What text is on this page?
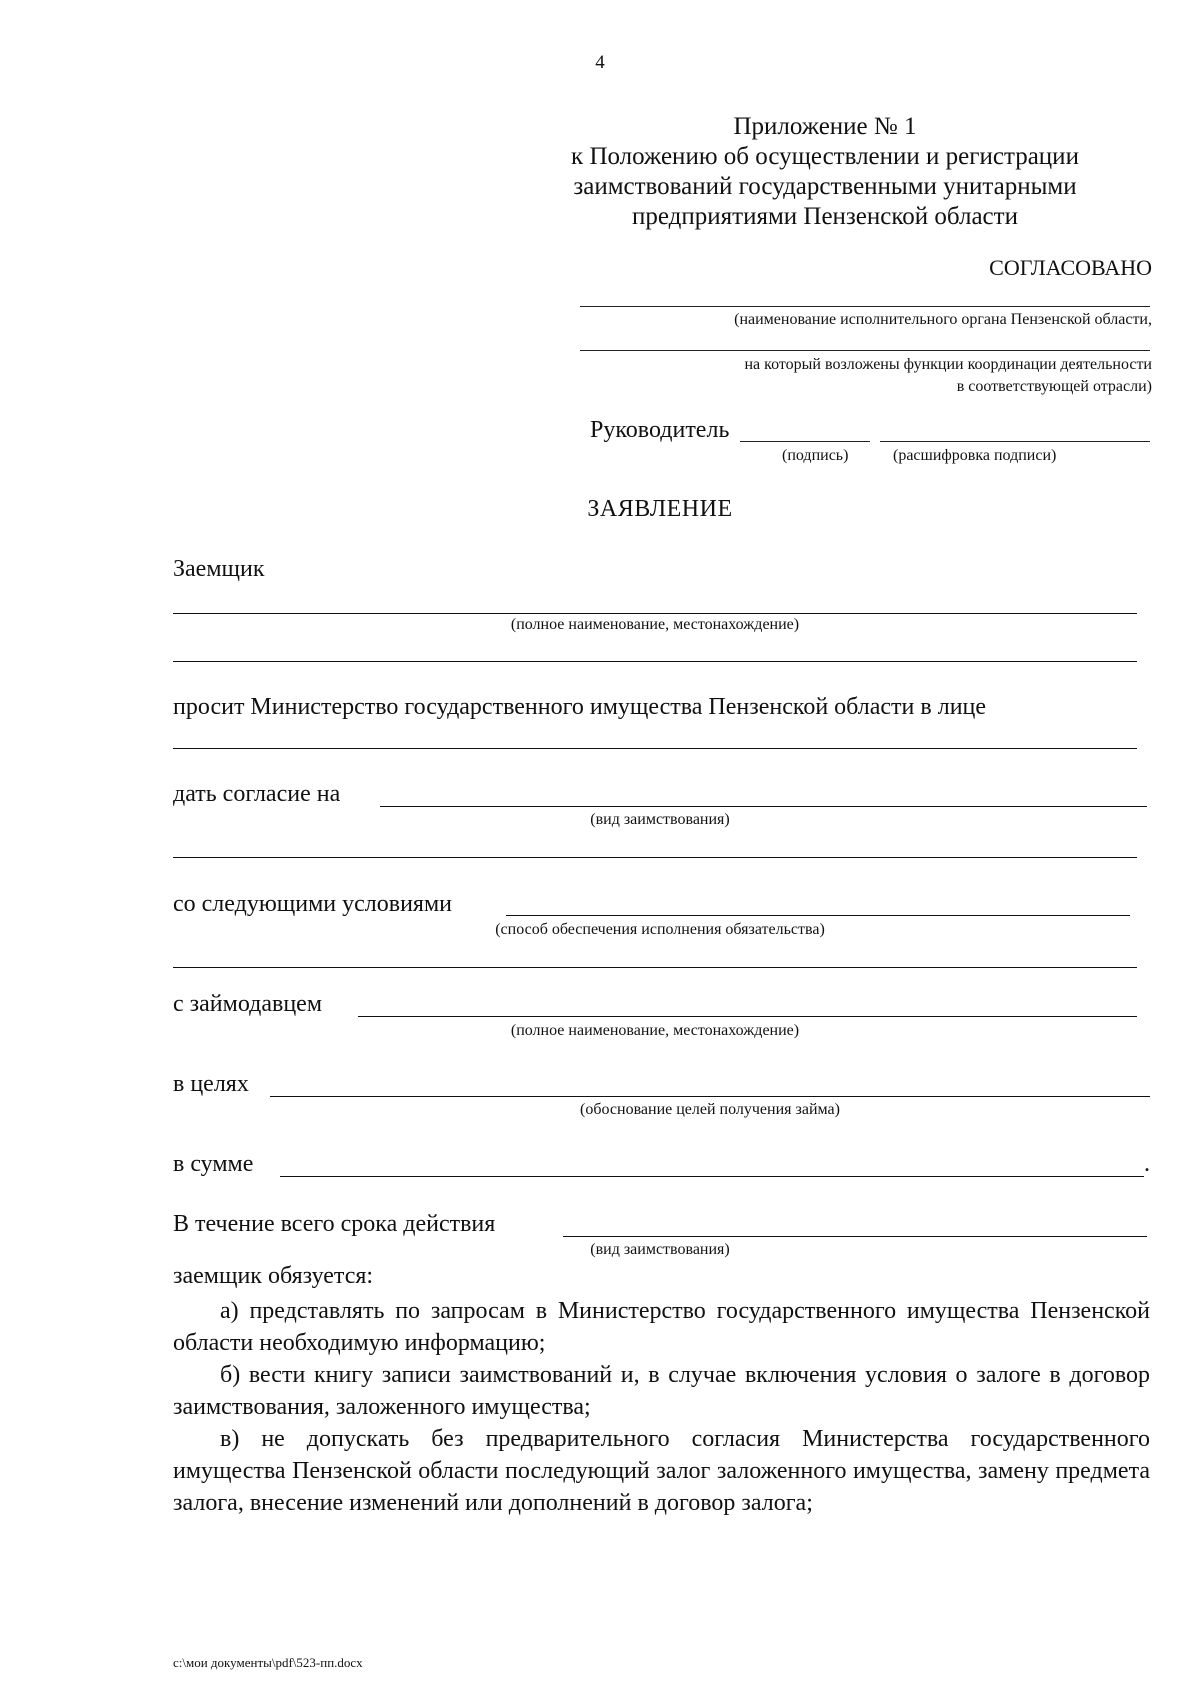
4
Приложение № 1
к Положению об осуществлении и регистрации
заимствований государственными унитарными
предприятиями Пензенской области
СОГЛАСОВАНО
(наименование исполнительного органа Пензенской области,
на который возложены функции координации деятельности
в соответствующей отрасли)
Руководитель
(подпись)	(расшифровка подписи)
ЗАЯВЛЕНИЕ
Заемщик
(полное наименование, местонахождение)
просит Министерство государственного имущества Пензенской области в лице
дать согласие на
(вид заимствования)
со следующими условиями
(способ обеспечения исполнения обязательства)
с займодавцем
(полное наименование, местонахождение)
в целях
(обоснование целей получения займа)
в сумме	.
В течение всего срока действия
(вид заимствования)
заемщик обязуется:
а) представлять по запросам в Министерство государственного имущества Пензенской области необходимую информацию;
б) вести книгу записи заимствований и, в случае включения условия о залоге в договор заимствования, заложенного имущества;
в) не допускать без предварительного согласия Министерства государственного имущества Пензенской области последующий залог заложенного имущества, замену предмета залога, внесение изменений или дополнений в договор залога;
c:\мои документы\pdf\523-пп.docx
